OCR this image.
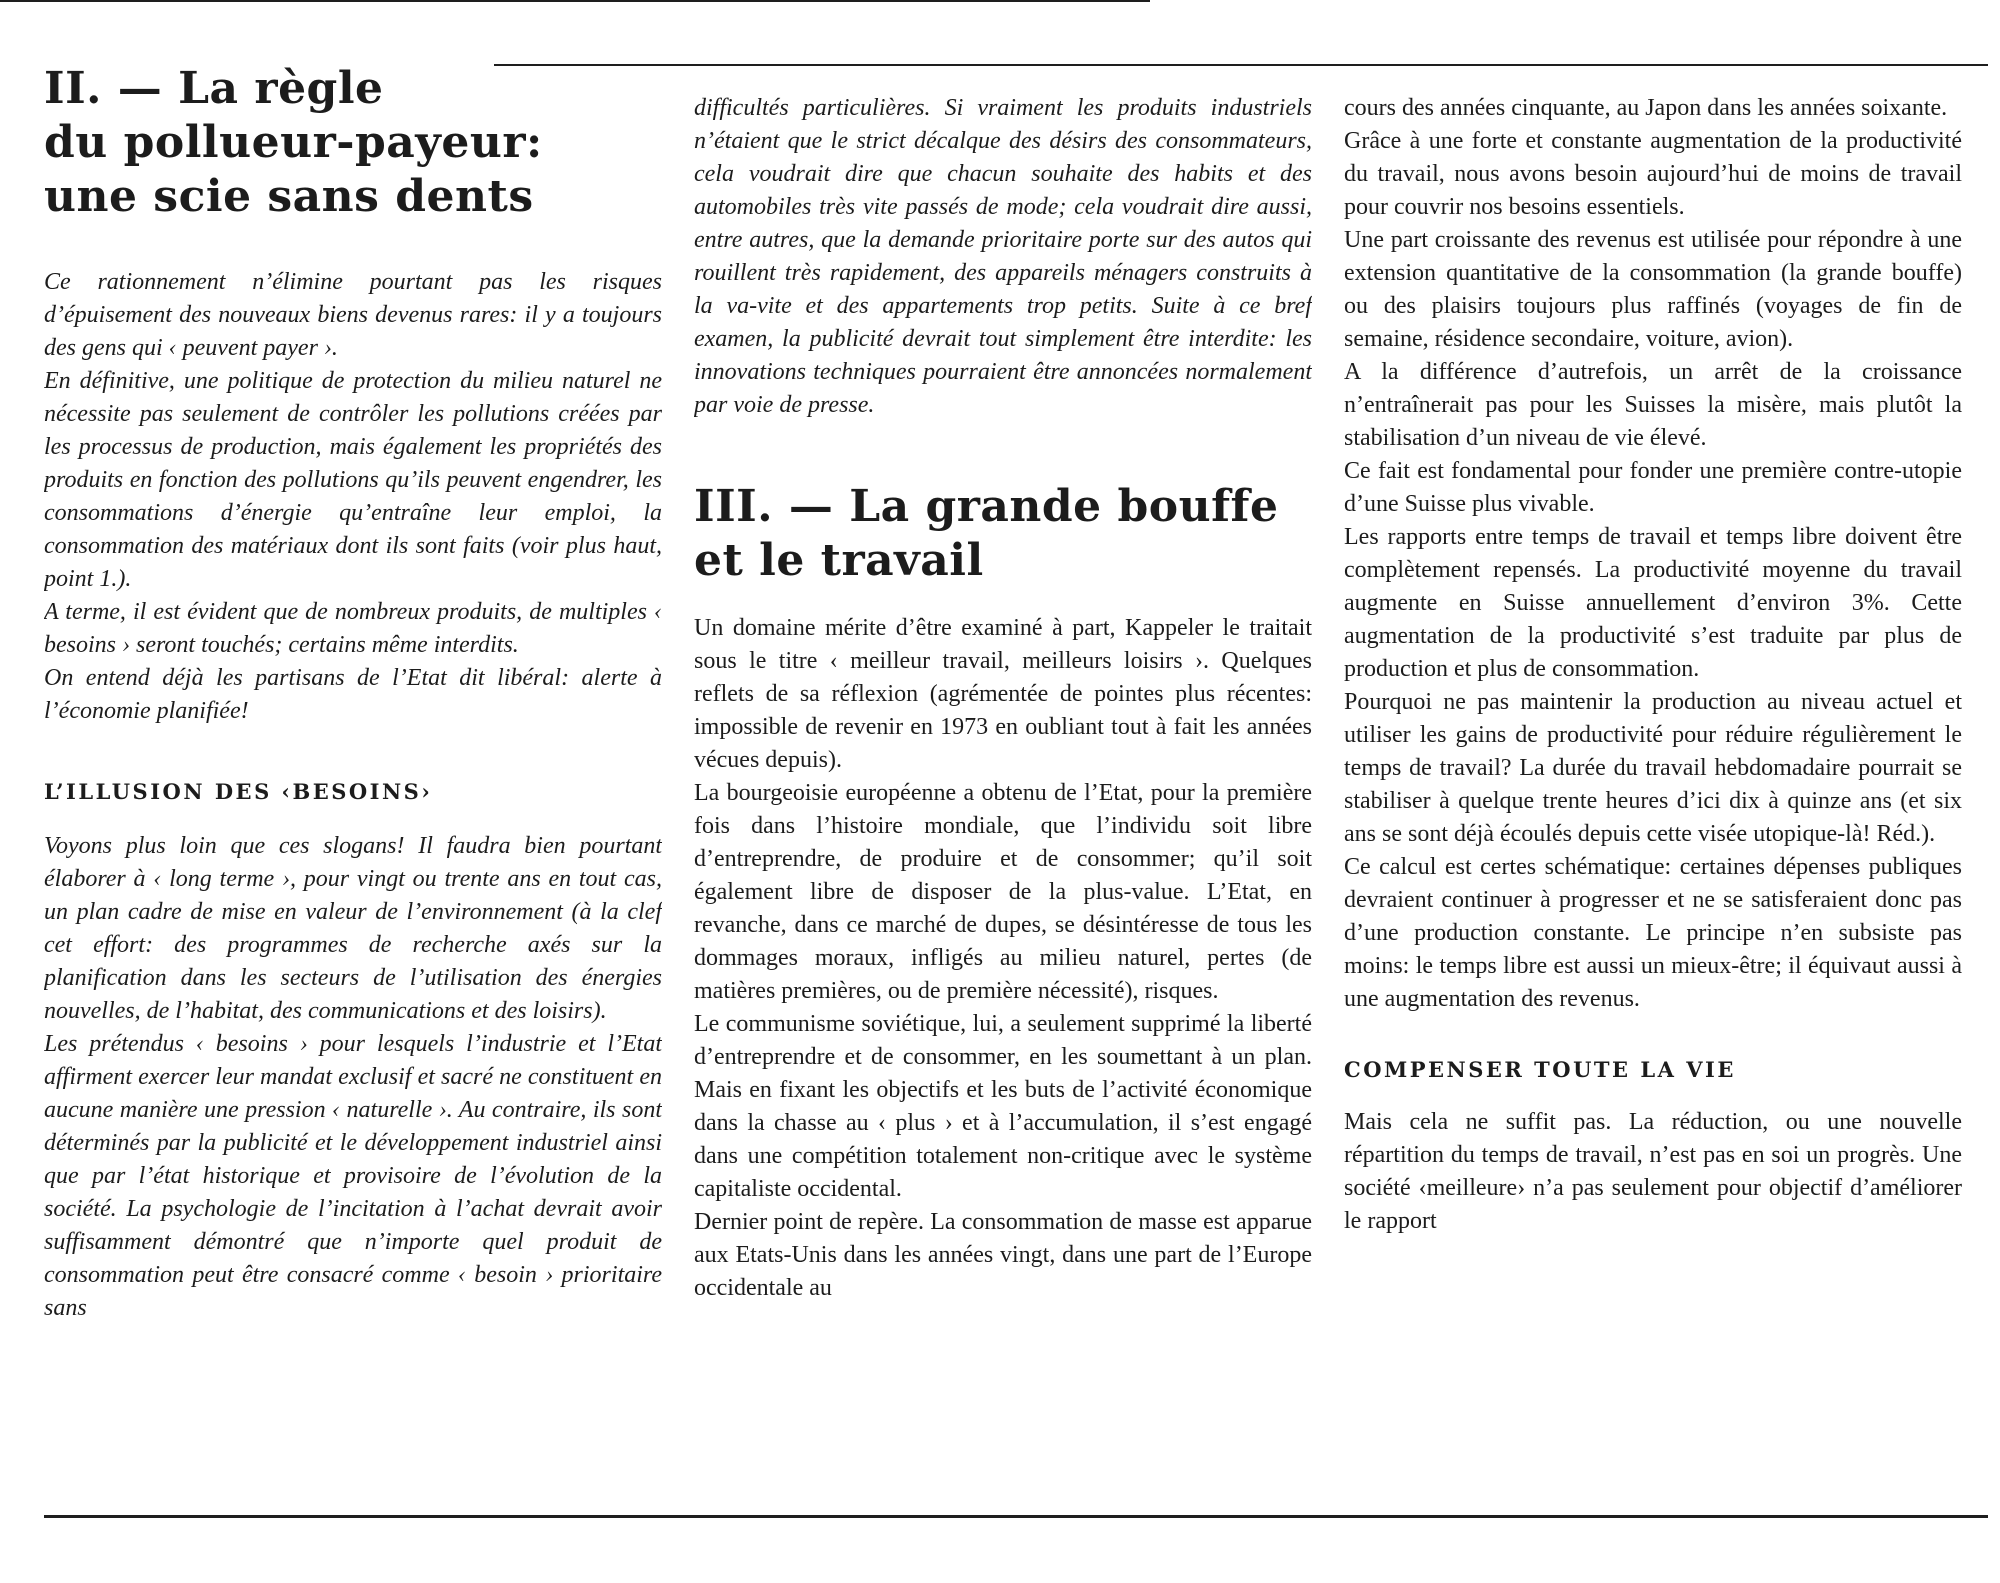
II. — La règle
du pollueur-payeur:
une scie sans dents

Ce rationnement n’élimine pourtant pas les risques d’épuisement des nouveaux biens devenus rares: il y a toujours des gens qui ‹ peuvent payer ›.

En définitive, une politique de protection du milieu naturel ne nécessite pas seulement de contrôler les pollutions créées par les processus de production, mais également les propriétés des produits en fonction des pollutions qu’ils peuvent engendrer, les consommations d’énergie qu’entraîne leur emploi, la consommation des matériaux dont ils sont faits (voir plus haut, point 1.).

A terme, il est évident que de nombreux produits, de multiples ‹ besoins › seront touchés; certains même interdits.

On entend déjà les partisans de l’Etat dit libéral: alerte à l’économie planifiée!

L’ILLUSION DES ‹BESOINS›

Voyons plus loin que ces slogans! Il faudra bien pourtant élaborer à ‹ long terme ›, pour vingt ou trente ans en tout cas, un plan cadre de mise en valeur de l’environnement (à la clef cet effort: des programmes de recherche axés sur la planification dans les secteurs de l’utilisation des énergies nouvelles, de l’habitat, des communications et des loisirs).

Les prétendus ‹ besoins › pour lesquels l’industrie et l’Etat affirment exercer leur mandat exclusif et sacré ne constituent en aucune manière une pression ‹ naturelle ›. Au contraire, ils sont déterminés par la publicité et le développement industriel ainsi que par l’état historique et provisoire de l’évolution de la société. La psychologie de l’incitation à l’achat devrait avoir suffisamment démontré que n’importe quel produit de consommation peut être consacré comme ‹ besoin › prioritaire sans

difficultés particulières. Si vraiment les produits industriels n’étaient que le strict décalque des désirs des consommateurs, cela voudrait dire que chacun souhaite des habits et des automobiles très vite passés de mode; cela voudrait dire aussi, entre autres, que la demande prioritaire porte sur des autos qui rouillent très rapidement, des appareils ménagers construits à la va-vite et des appartements trop petits. Suite à ce bref examen, la publicité devrait tout simplement être interdite: les innovations techniques pourraient être annoncées normalement par voie de presse.

III. — La grande bouffe
et le travail

Un domaine mérite d’être examiné à part, Kappeler le traitait sous le titre ‹ meilleur travail, meilleurs loisirs ›. Quelques reflets de sa réflexion (agrémentée de pointes plus récentes: impossible de revenir en 1973 en oubliant tout à fait les années vécues depuis).

La bourgeoisie européenne a obtenu de l’Etat, pour la première fois dans l’histoire mondiale, que l’individu soit libre d’entreprendre, de produire et de consommer; qu’il soit également libre de disposer de la plus-value. L’Etat, en revanche, dans ce marché de dupes, se désintéresse de tous les dommages moraux, infligés au milieu naturel, pertes (de matières premières, ou de première nécessité), risques.

Le communisme soviétique, lui, a seulement supprimé la liberté d’entreprendre et de consommer, en les soumettant à un plan. Mais en fixant les objectifs et les buts de l’activité économique dans la chasse au ‹ plus › et à l’accumulation, il s’est engagé dans une compétition totalement non-critique avec le système capitaliste occidental.

Dernier point de repère. La consommation de masse est apparue aux Etats-Unis dans les années vingt, dans une part de l’Europe occidentale au

cours des années cinquante, au Japon dans les années soixante.

Grâce à une forte et constante augmentation de la productivité du travail, nous avons besoin aujourd’hui de moins de travail pour couvrir nos besoins essentiels.

Une part croissante des revenus est utilisée pour répondre à une extension quantitative de la consommation (la grande bouffe) ou des plaisirs toujours plus raffinés (voyages de fin de semaine, résidence secondaire, voiture, avion).

A la différence d’autrefois, un arrêt de la croissance n’entraînerait pas pour les Suisses la misère, mais plutôt la stabilisation d’un niveau de vie élevé.

Ce fait est fondamental pour fonder une première contre-utopie d’une Suisse plus vivable.

Les rapports entre temps de travail et temps libre doivent être complètement repensés. La productivité moyenne du travail augmente en Suisse annuellement d’environ 3%. Cette augmentation de la productivité s’est traduite par plus de production et plus de consommation.

Pourquoi ne pas maintenir la production au niveau actuel et utiliser les gains de productivité pour réduire régulièrement le temps de travail? La durée du travail hebdomadaire pourrait se stabiliser à quelque trente heures d’ici dix à quinze ans (et six ans se sont déjà écoulés depuis cette visée utopique-là! Réd.).

Ce calcul est certes schématique: certaines dépenses publiques devraient continuer à progresser et ne se satisferaient donc pas d’une production constante. Le principe n’en subsiste pas moins: le temps libre est aussi un mieux-être; il équivaut aussi à une augmentation des revenus.

COMPENSER TOUTE LA VIE

Mais cela ne suffit pas. La réduction, ou une nouvelle répartition du temps de travail, n’est pas en soi un progrès. Une société ‹meilleure› n’a pas seulement pour objectif d’améliorer le rapport
